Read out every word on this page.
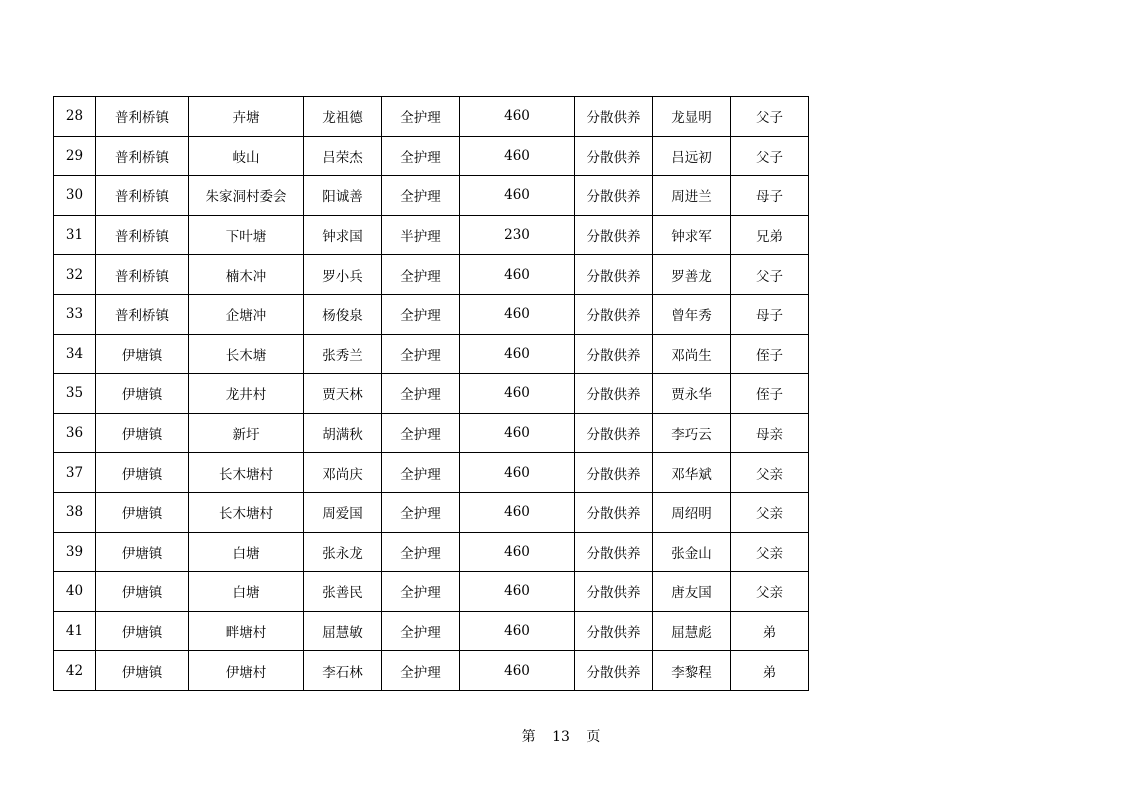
28	普利桥镇	卉塘	龙祖德	全护理	460	分散供养	龙显明	父子
29	普利桥镇	岐山	吕荣杰	全护理	460	分散供养	吕远初	父子
30	普利桥镇	朱家洞村委会	阳诚善	全护理	460	分散供养	周进兰	母子
31	普利桥镇	下叶塘	钟求国	半护理	230	分散供养	钟求军	兄弟
32	普利桥镇	楠木冲	罗小兵	全护理	460	分散供养	罗善龙	父子
33	普利桥镇	企塘冲	杨俊泉	全护理	460	分散供养	曾年秀	母子
34	伊塘镇	长木塘	张秀兰	全护理	460	分散供养	邓尚生	侄子
35	伊塘镇	龙井村	贾天林	全护理	460	分散供养	贾永华	侄子
36	伊塘镇	新圩	胡满秋	全护理	460	分散供养	李巧云	母亲
37	伊塘镇	长木塘村	邓尚庆	全护理	460	分散供养	邓华斌	父亲
38	伊塘镇	长木塘村	周爱国	全护理	460	分散供养	周绍明	父亲
39	伊塘镇	白塘	张永龙	全护理	460	分散供养	张金山	父亲
40	伊塘镇	白塘	张善民	全护理	460	分散供养	唐友国	父亲
41	伊塘镇	畔塘村	屈慧敏	全护理	460	分散供养	屈慧彪	弟
42	伊塘镇	伊塘村	李石林	全护理	460	分散供养	李黎程	弟
第 13 页
